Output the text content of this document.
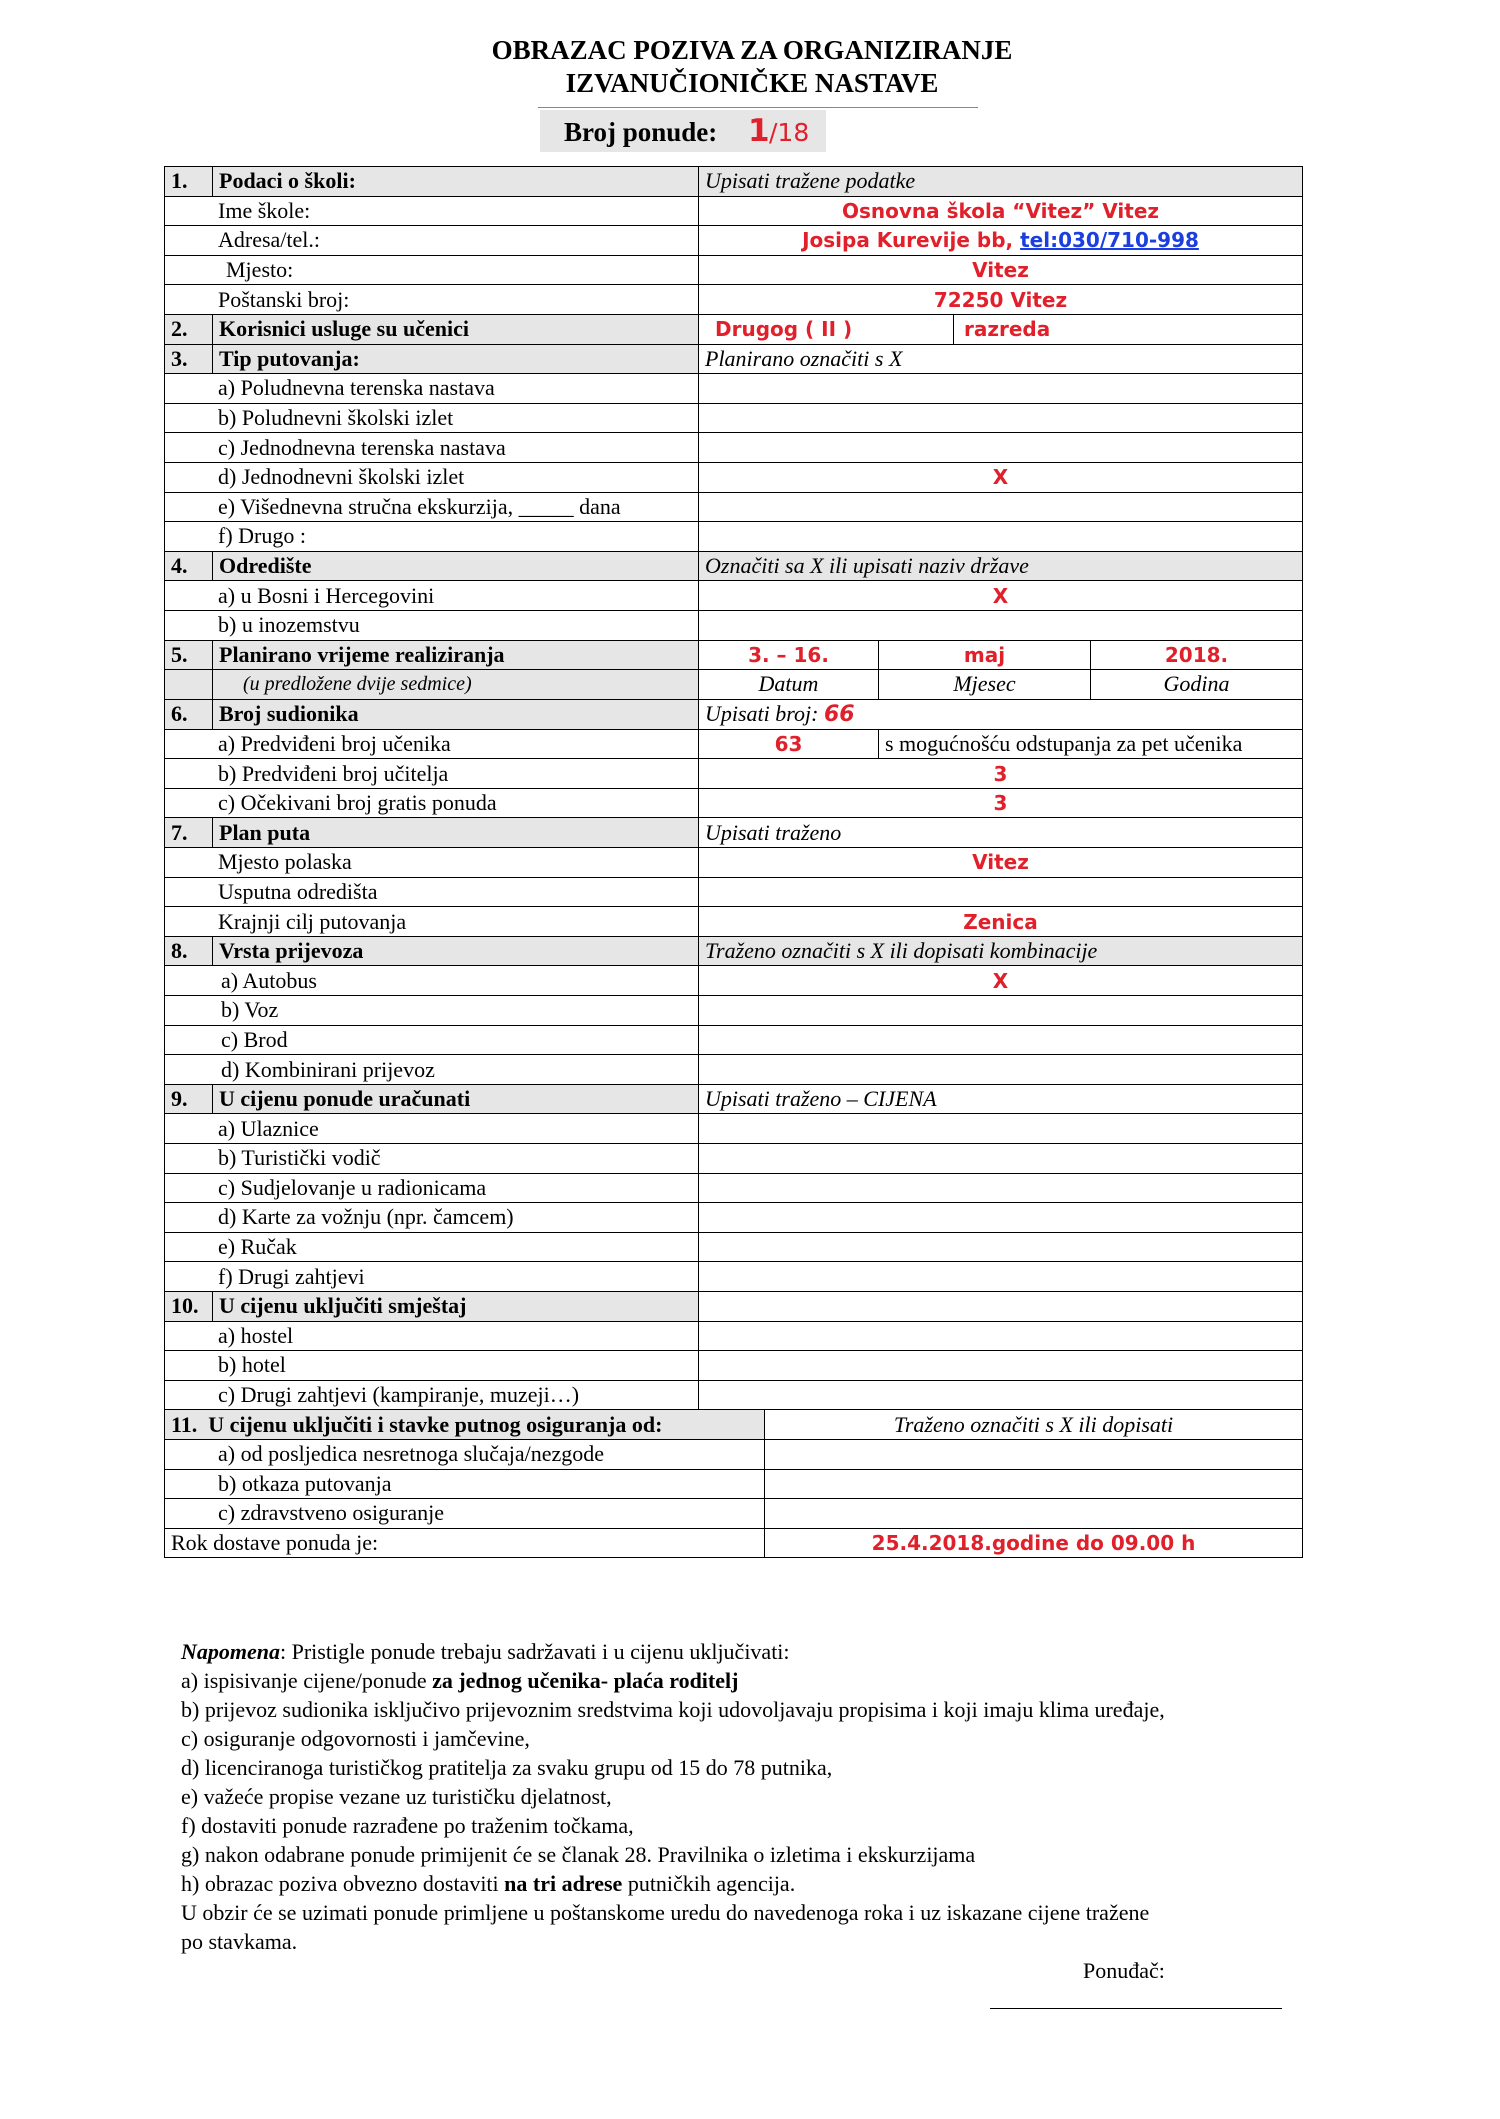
OBRAZAC POZIVA ZA ORGANIZIRANJE
IZVANUČIONIČKE NASTAVE
Broj ponude: 1 /18
1.	Podaci o školi:	Upisati tražene podatke				
Ime škole:		Osnovna škola “Vitez” Vitez				
Adresa/tel.:		Josipa Kurevije bb, tel:030/710-998				
Mjesto:		Vitez				
Poštanski broj:		72250 Vitez				
2.	Korisnici usluge su učenici	Drugog ( II )			razreda	
3.	Tip putovanja:	Planirano označiti s X				
a) Poludnevna terenska nastava						
b) Poludnevni školski izlet						
c) Jednodnevna terenska nastava						
d) Jednodnevni školski izlet		X				
e) Višednevna stručna ekskurzija, _____ dana						
f) Drugo :						
4.	Odredište	Označiti sa X ili upisati naziv države				
a) u Bosni i Hercegovini		X				
b) u inozemstvu						
5.	Planirano vrijeme realiziranja	3. – 16.		maj		2018.
	(u predložene dvije sedmice)	Datum		Mjesec		Godina
6.	Broj sudionika	Upisati broj: 66				
a) Predviđeni broj učenika		63		s mogućnošću odstupanja za pet učenika		
b) Predviđeni broj učitelja		3				
c) Očekivani broj gratis ponuda		3				
7.	Plan puta	Upisati traženo				
Mjesto polaska		Vitez				
Usputna odredišta						
Krajnji cilj putovanja		Zenica				
8.	Vrsta prijevoza	Traženo označiti s X ili dopisati kombinacije				
a) Autobus		X				
b) Voz						
c) Brod						
d) Kombinirani prijevoz						
9.	U cijenu ponude uračunati	Upisati traženo – CIJENA				
a) Ulaznice						
b) Turistički vodič						
c) Sudjelovanje u radionicama						
d) Karte za vožnju (npr. čamcem)						
e) Ručak						
f) Drugi zahtjevi						
10.	U cijenu uključiti smještaj					
a) hostel						
b) hotel						
c) Drugi zahtjevi (kampiranje, muzeji…)						
11. U cijenu uključiti i stavke putnog osiguranja od:			Traženo označiti s X ili dopisati			
a) od posljedica nesretnoga slučaja/nezgode						
b) otkaza putovanja						
c) zdravstveno osiguranje						
Rok dostave ponuda je:			25.4.2018.godine do 09.00 h			

Napomena: Pristigle ponude trebaju sadržavati i u cijenu uključivati:

a) ispisivanje cijene/ponude za jednog učenika- plaća roditelj

b) prijevoz sudionika isključivo prijevoznim sredstvima koji udovoljavaju propisima i koji imaju klima uređaje,

c) osiguranje odgovornosti i jamčevine,

d) licenciranoga turističkog pratitelja za svaku grupu od 15 do 78 putnika,

e) važeće propise vezane uz turističku djelatnost,

f) dostaviti ponude razrađene po traženim točkama,

g) nakon odabrane ponude primijenit će se članak 28. Pravilnika o izletima i ekskurzijama

h) obrazac poziva obvezno dostaviti na tri adrese putničkih agencija.

U obzir će se uzimati ponude primljene u poštanskome uredu do navedenoga roka i uz iskazane cijene tražene

po stavkama.

Ponuđač:
